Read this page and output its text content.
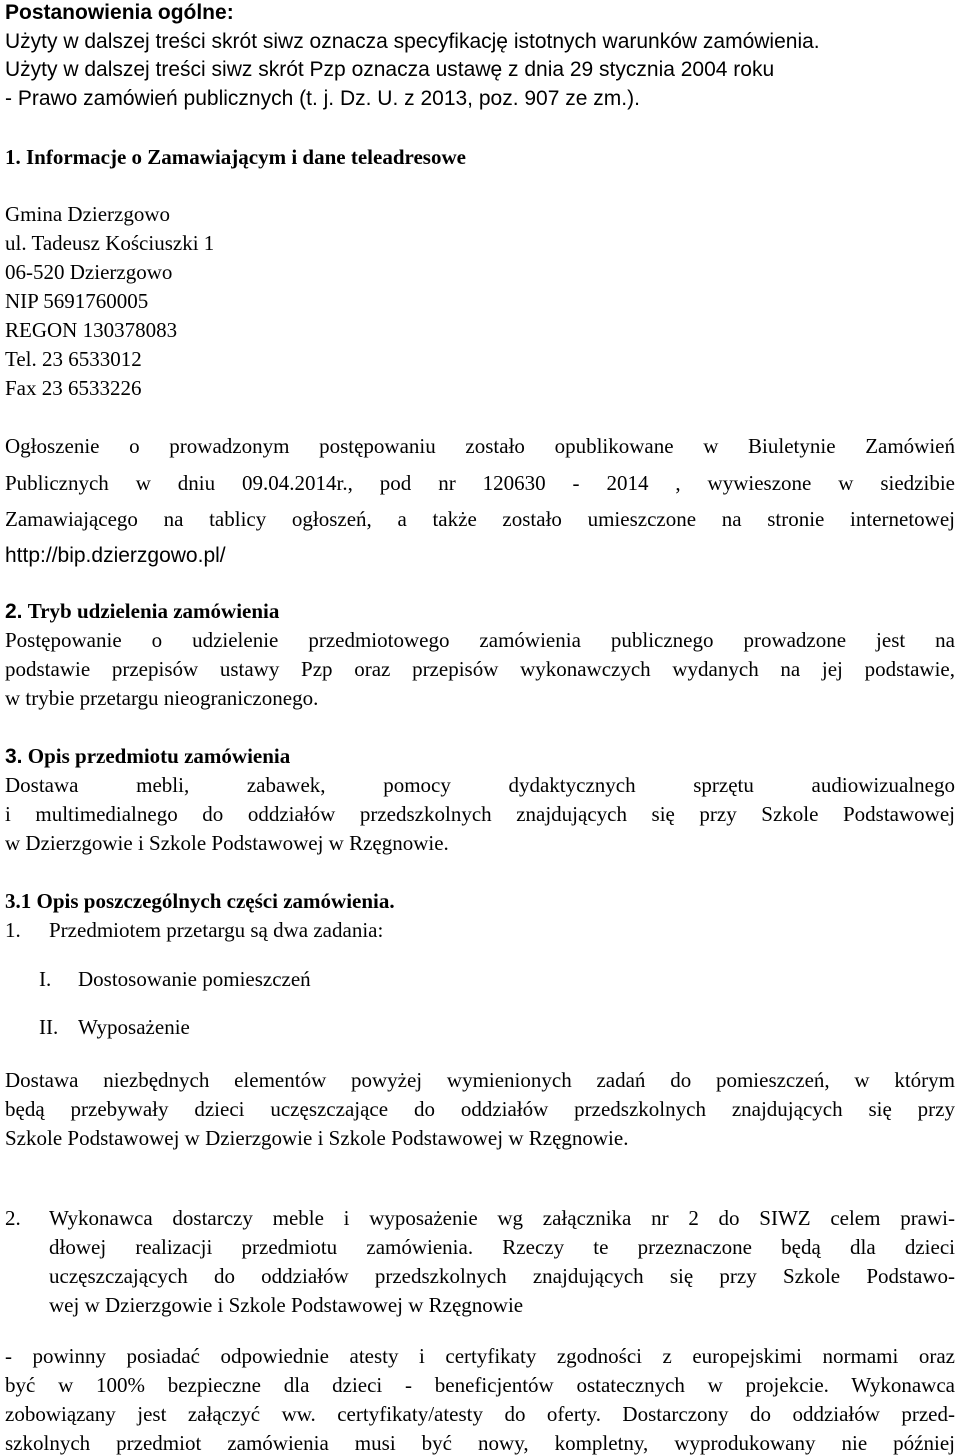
Postanowienia ogólne:
Użyty w dalszej treści skrót siwz oznacza specyfikację istotnych warunków zamówienia.
Użyty w dalszej treści siwz skrót Pzp oznacza ustawę z dnia 29 stycznia 2004 roku
- Prawo zamówień publicznych (t. j. Dz. U. z 2013, poz. 907 ze zm.).
1. Informacje o Zamawiającym i dane teleadresowe
Gmina Dzierzgowo
ul. Tadeusz Kościuszki 1
06-520 Dzierzgowo
NIP 5691760005
REGON 130378083
Tel. 23 6533012
Fax 23 6533226
Ogłoszenie o prowadzonym postępowaniu zostało opublikowane w Biuletynie Zamówień
Publicznych w dniu 09.04.2014r., pod nr 120630 - 2014 , wywieszone w siedzibie
Zamawiającego na tablicy ogłoszeń, a także zostało umieszczone na stronie internetowej
http://bip.dzierzgowo.pl/
2. Tryb udzielenia zamówienia
Postępowanie o udzielenie przedmiotowego zamówienia publicznego prowadzone jest na
podstawie przepisów ustawy Pzp oraz przepisów wykonawczych wydanych na jej podstawie,
w trybie przetargu nieograniczonego.
3. Opis przedmiotu zamówienia
Dostawa mebli, zabawek, pomocy dydaktycznych sprzętu audiowizualnego
i multimedialnego do oddziałów przedszkolnych znajdujących się przy Szkole Podstawowej
w Dzierzgowie i Szkole Podstawowej w Rzęgnowie.
3.1 Opis poszczególnych części zamówienia.
1. Przedmiotem przetargu są dwa zadania:
I. Dostosowanie pomieszczeń
II. Wyposażenie
Dostawa niezbędnych elementów powyżej wymienionych zadań do pomieszczeń, w którym
będą przebywały dzieci uczęszczające do oddziałów przedszkolnych znajdujących się przy
Szkole Podstawowej w Dzierzgowie i Szkole Podstawowej w Rzęgnowie.
2. Wykonawca dostarczy meble i wyposażenie wg załącznika nr 2 do SIWZ celem prawi-
dłowej realizacji przedmiotu zamówienia. Rzeczy te przeznaczone będą dla dzieci
uczęszczających do oddziałów przedszkolnych znajdujących się przy Szkole Podstawo-
wej w Dzierzgowie i Szkole Podstawowej w Rzęgnowie
- powinny posiadać odpowiednie atesty i certyfikaty zgodności z europejskimi normami oraz
być w 100% bezpieczne dla dzieci - beneficjentów ostatecznych w projekcie. Wykonawca
zobowiązany jest załączyć ww. certyfikaty/atesty do oferty. Dostarczony do oddziałów przed-
szkolnych przedmiot zamówienia musi być nowy, kompletny, wyprodukowany nie później
